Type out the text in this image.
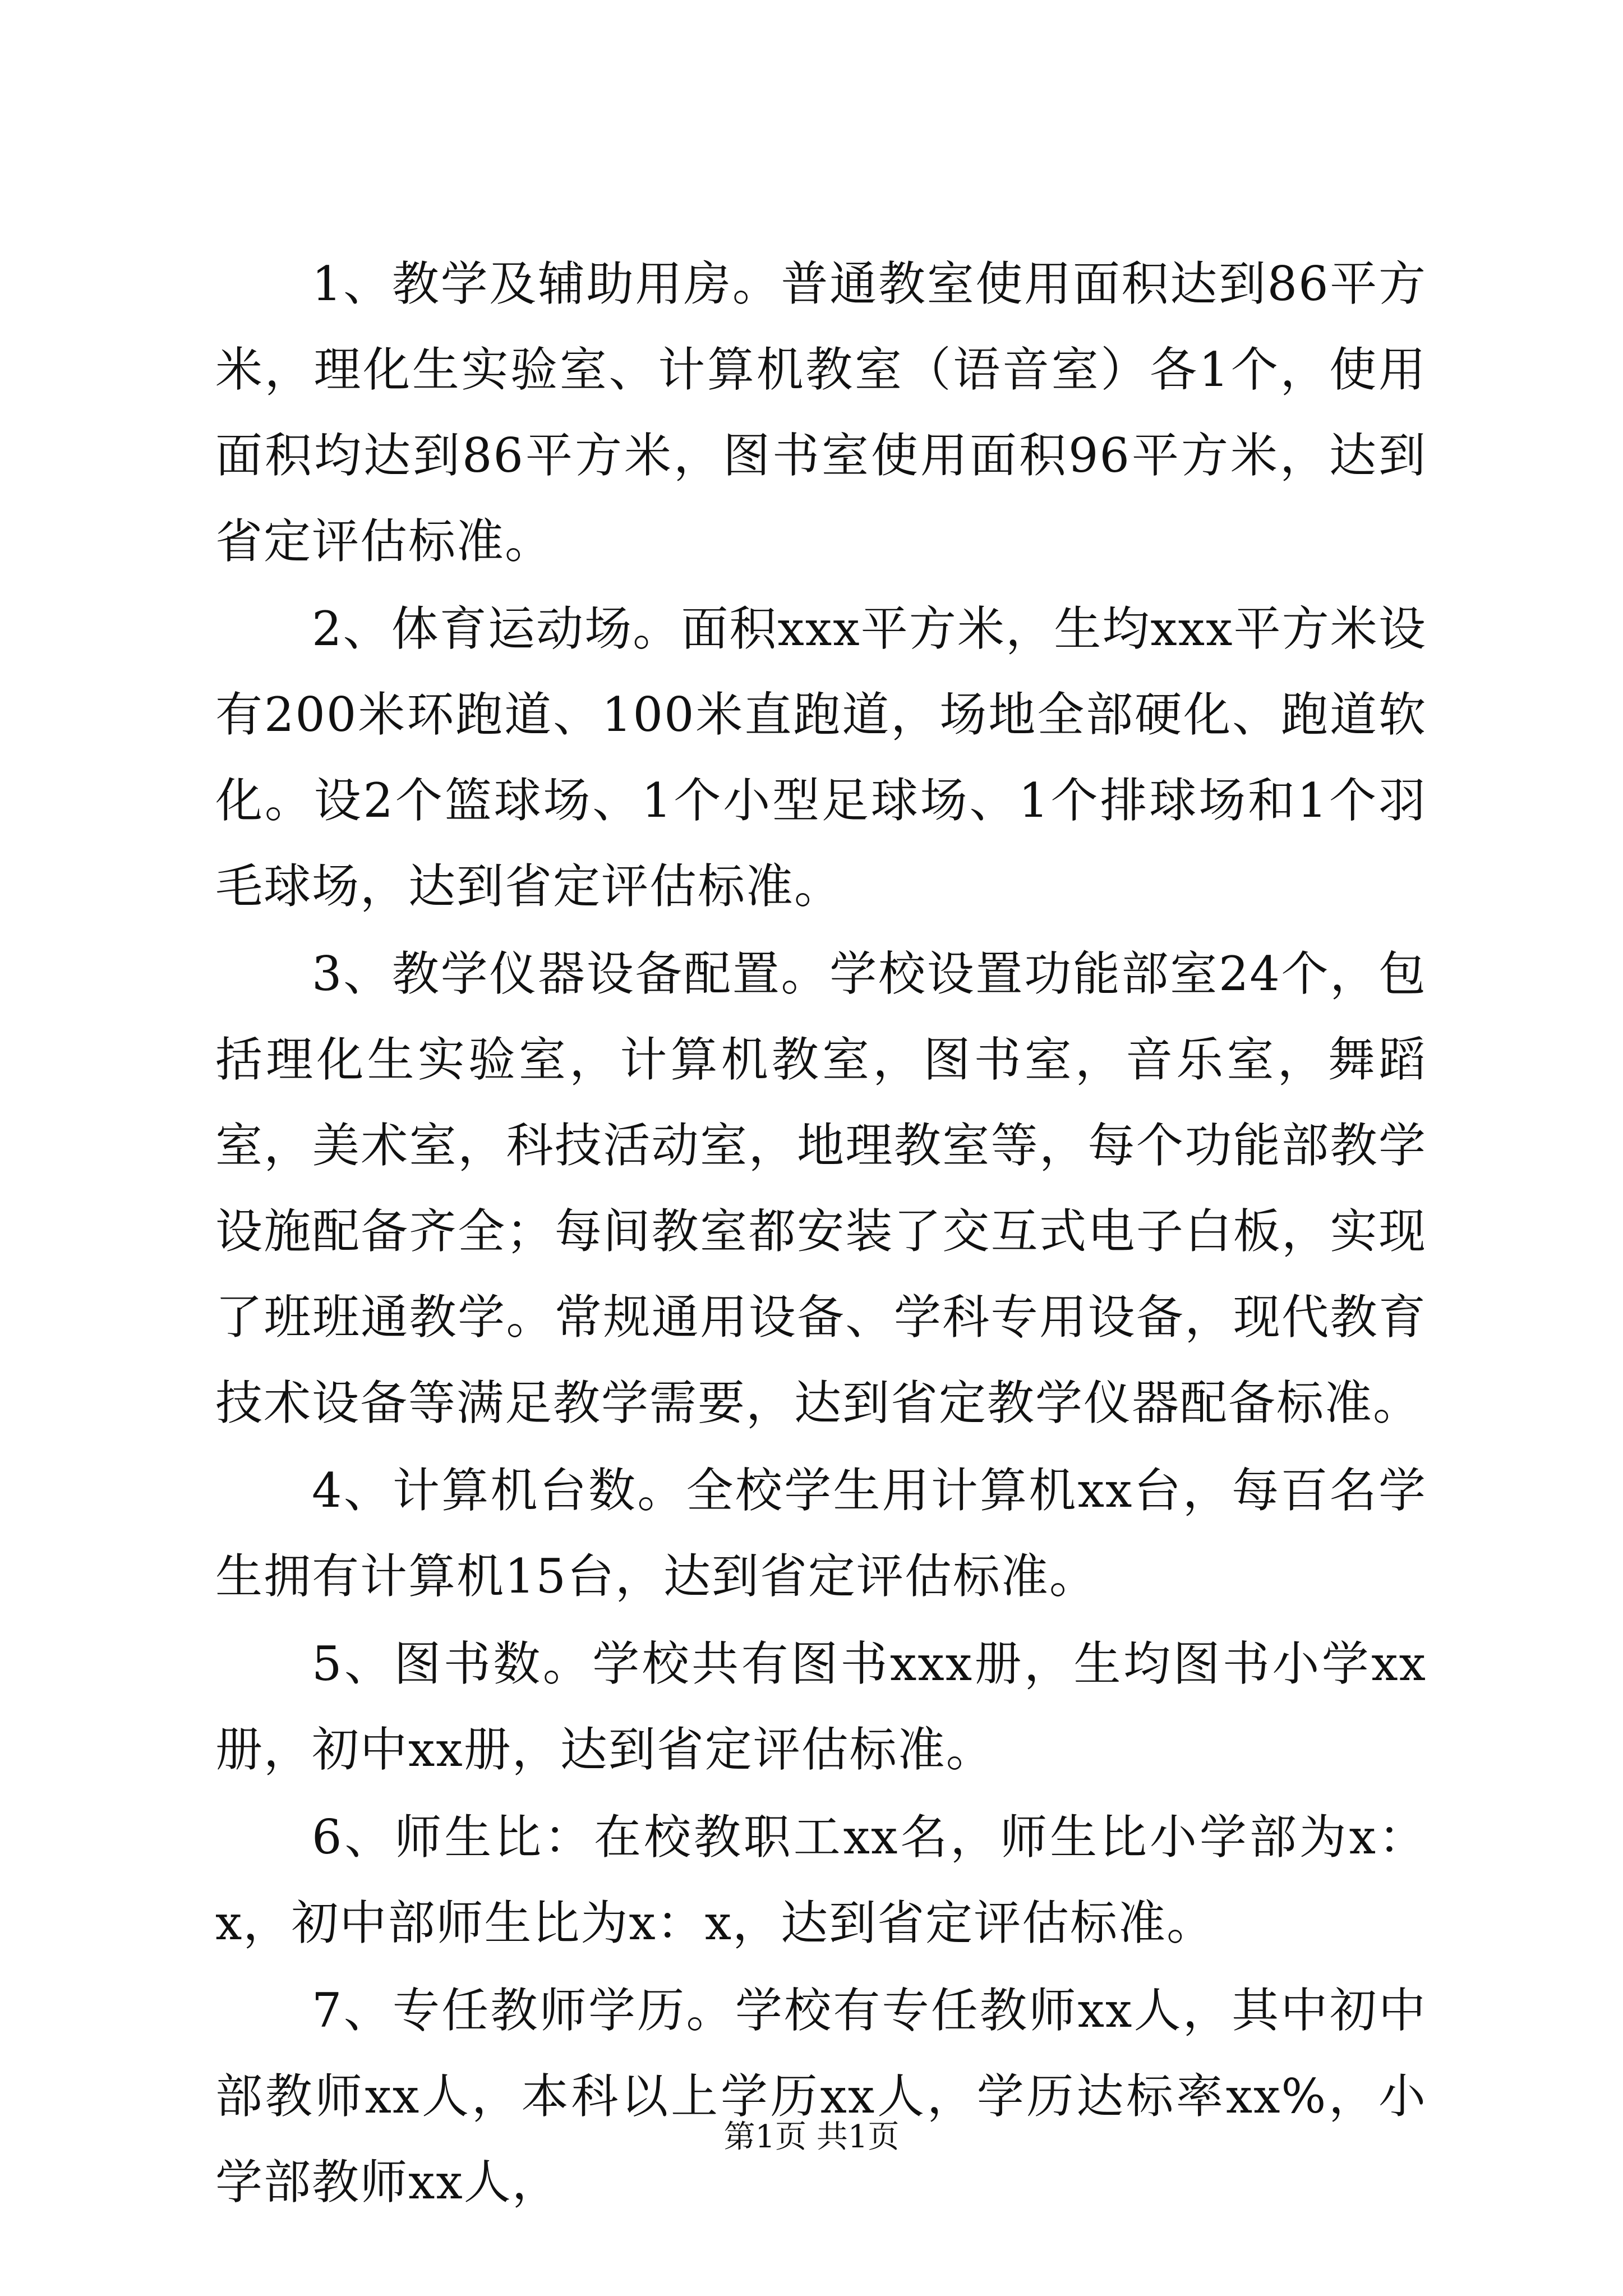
1、教学及辅助用房。普通教室使用面积达到86平方米，理化生实验室、计算机教室（语音室）各1个，使用面积均达到86平方米，图书室使用面积96平方米，达到省定评估标准。

2、体育运动场。面积xxx平方米，生均xxx平方米设有200米环跑道、100米直跑道，场地全部硬化、跑道软化。设2个篮球场、1个小型足球场、1个排球场和1个羽毛球场，达到省定评估标准。

3、教学仪器设备配置。学校设置功能部室24个，包括理化生实验室，计算机教室，图书室，音乐室，舞蹈室，美术室，科技活动室，地理教室等，每个功能部教学设施配备齐全；每间教室都安装了交互式电子白板，实现了班班通教学。常规通用设备、学科专用设备，现代教育技术设备等满足教学需要，达到省定教学仪器配备标准。

4、计算机台数。全校学生用计算机xx台，每百名学生拥有计算机15台，达到省定评估标准。

5、图书数。学校共有图书xxx册，生均图书小学xx册，初中xx册，达到省定评估标准。

6、师生比：在校教职工xx名，师生比小学部为x：x，初中部师生比为x：x，达到省定评估标准。

7、专任教师学历。学校有专任教师xx人，其中初中部教师xx人，本科以上学历xx人，学历达标率xx%，小学部教师xx人，

第1页 共1页
